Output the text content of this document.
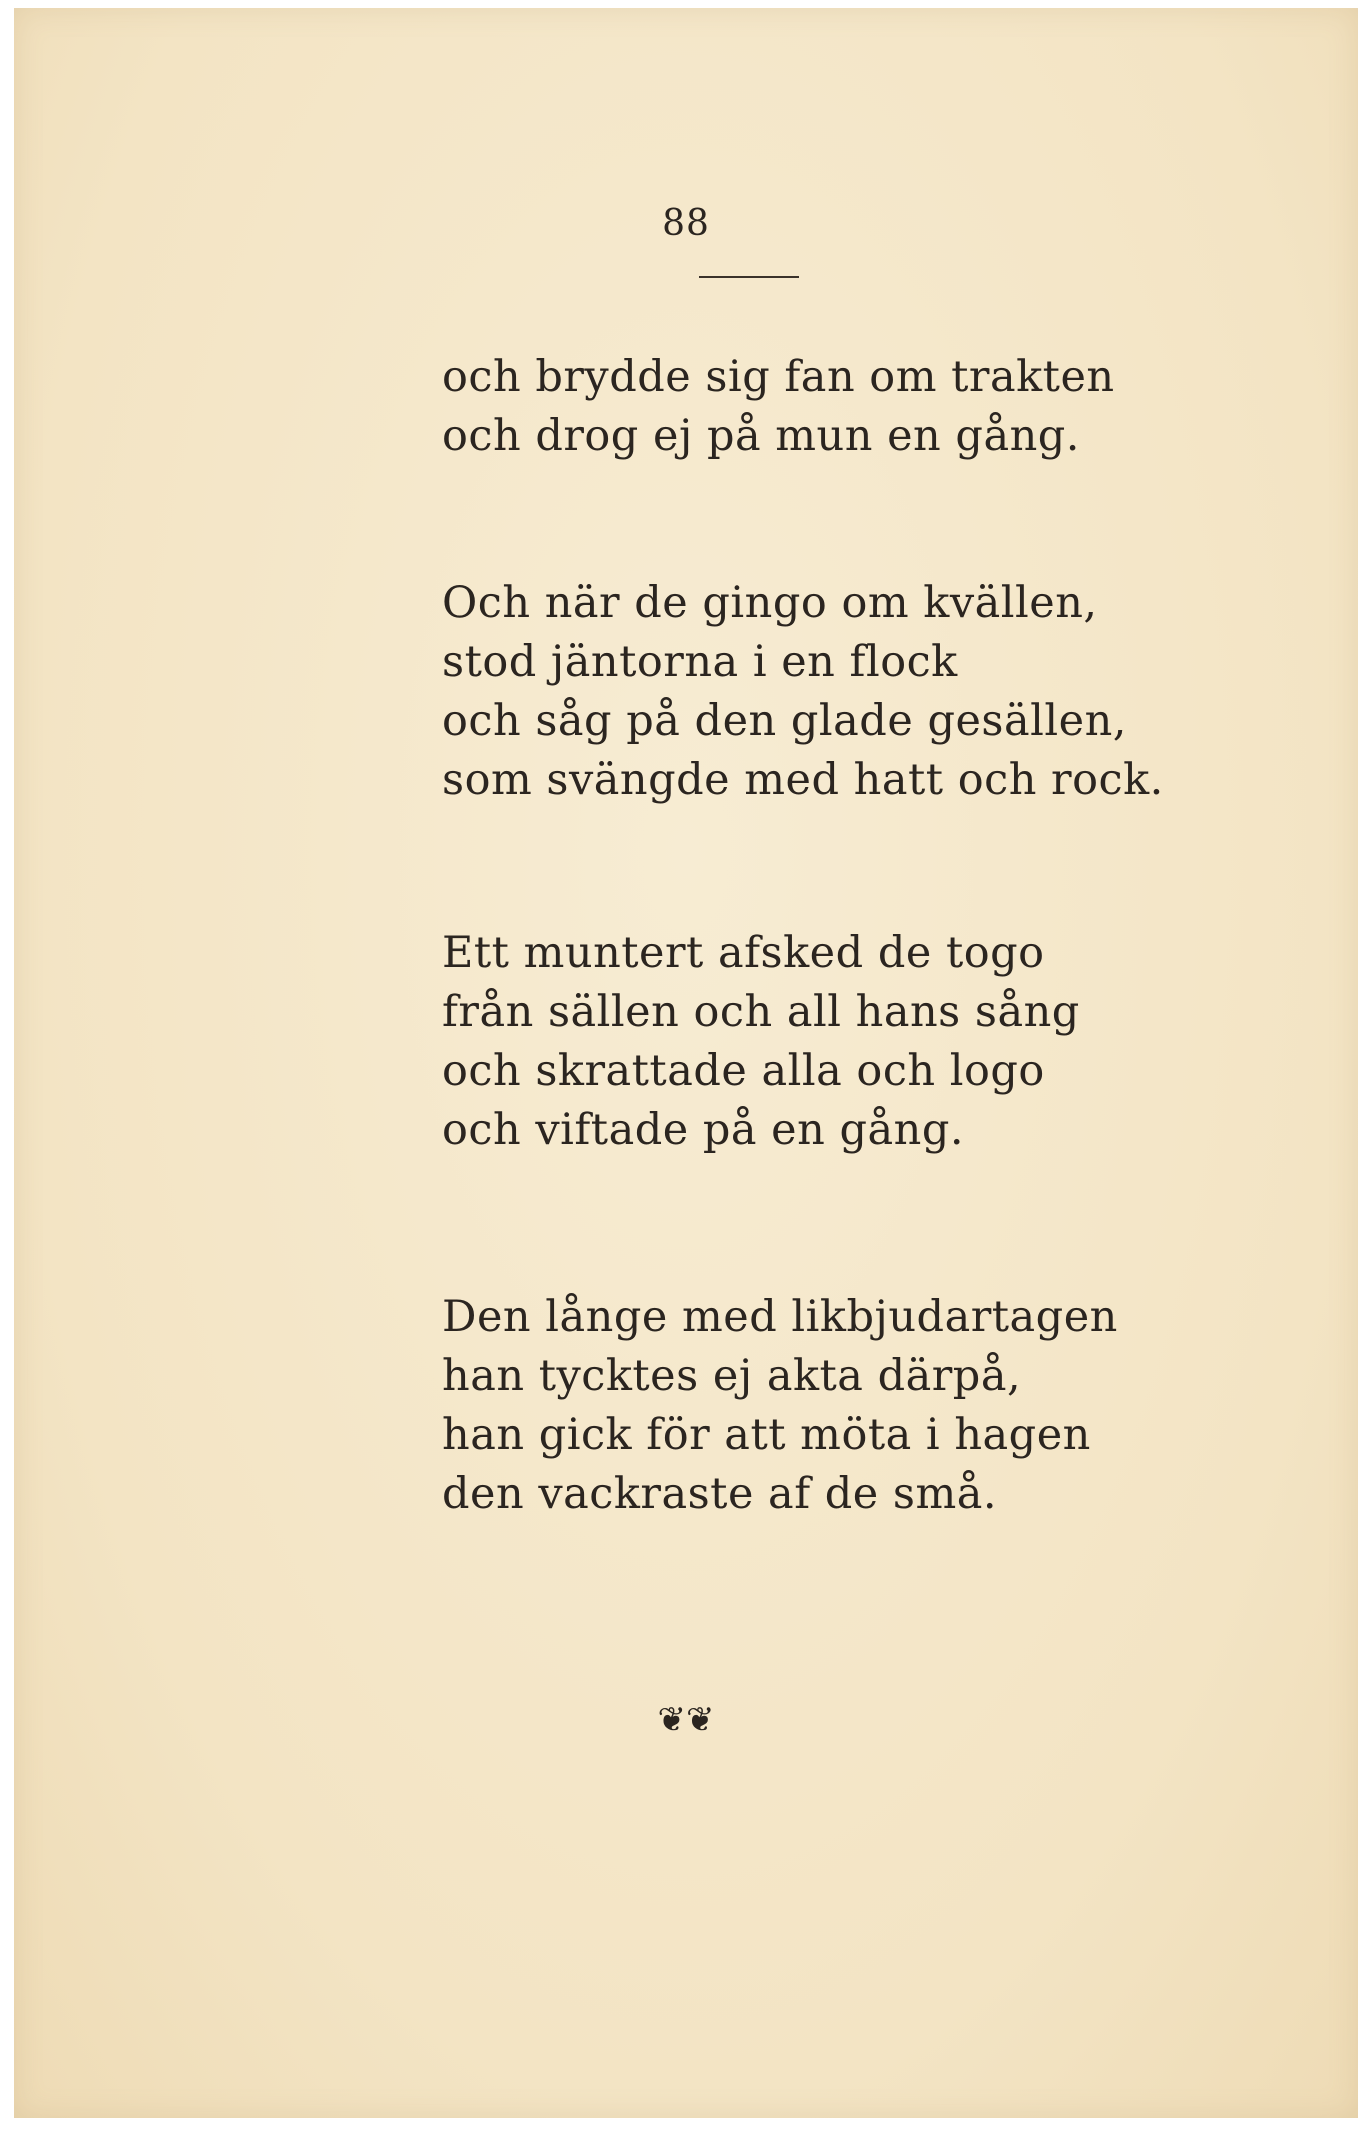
88
och brydde sig fan om trakten
och drog ej på mun en gång.
Och när de gingo om kvällen,
stod jäntorna i en flock
och såg på den glade gesällen,
som svängde med hatt och rock.
Ett muntert afsked de togo
från sällen och all hans sång
och skrattade alla och logo
och viftade på en gång.
Den långe med likbjudartagen
han tycktes ej akta därpå,
han gick för att möta i hagen
den vackraste af de små.
❦❦
